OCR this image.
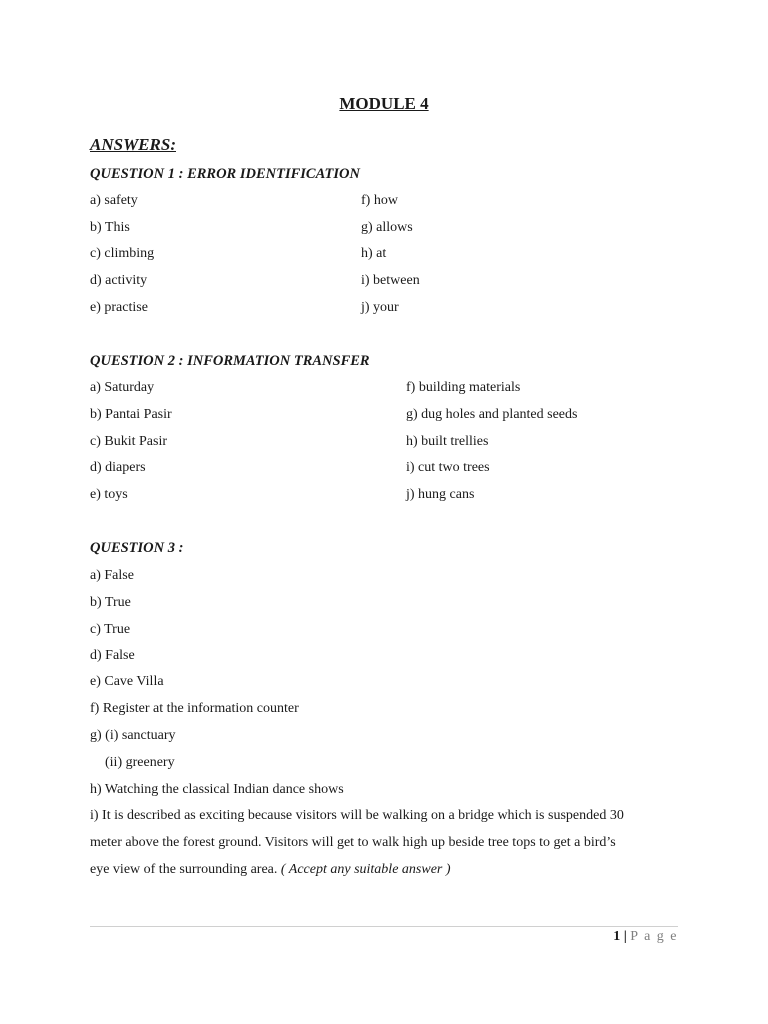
MODULE 4
ANSWERS:
QUESTION 1 : ERROR IDENTIFICATION
a) safety
b) This
c) climbing
d) activity
e) practise
f) how
g) allows
h) at
i) between
j) your
QUESTION 2 : INFORMATION TRANSFER
a) Saturday
b) Pantai Pasir
c) Bukit Pasir
d) diapers
e) toys
f) building materials
g) dug holes and planted seeds
h) built trellies
i) cut two trees
j) hung cans
QUESTION 3 :
a) False
b) True
c) True
d) False
e) Cave Villa
f) Register at the information counter
g) (i) sanctuary
(ii) greenery
h) Watching the classical Indian dance shows
i) It is described as exciting because visitors will be walking on a bridge which is suspended 30
meter above the forest ground. Visitors will get to walk high up beside tree tops to get a bird’s
eye view of the surrounding area. ( Accept any suitable answer )
1 | P a g e
